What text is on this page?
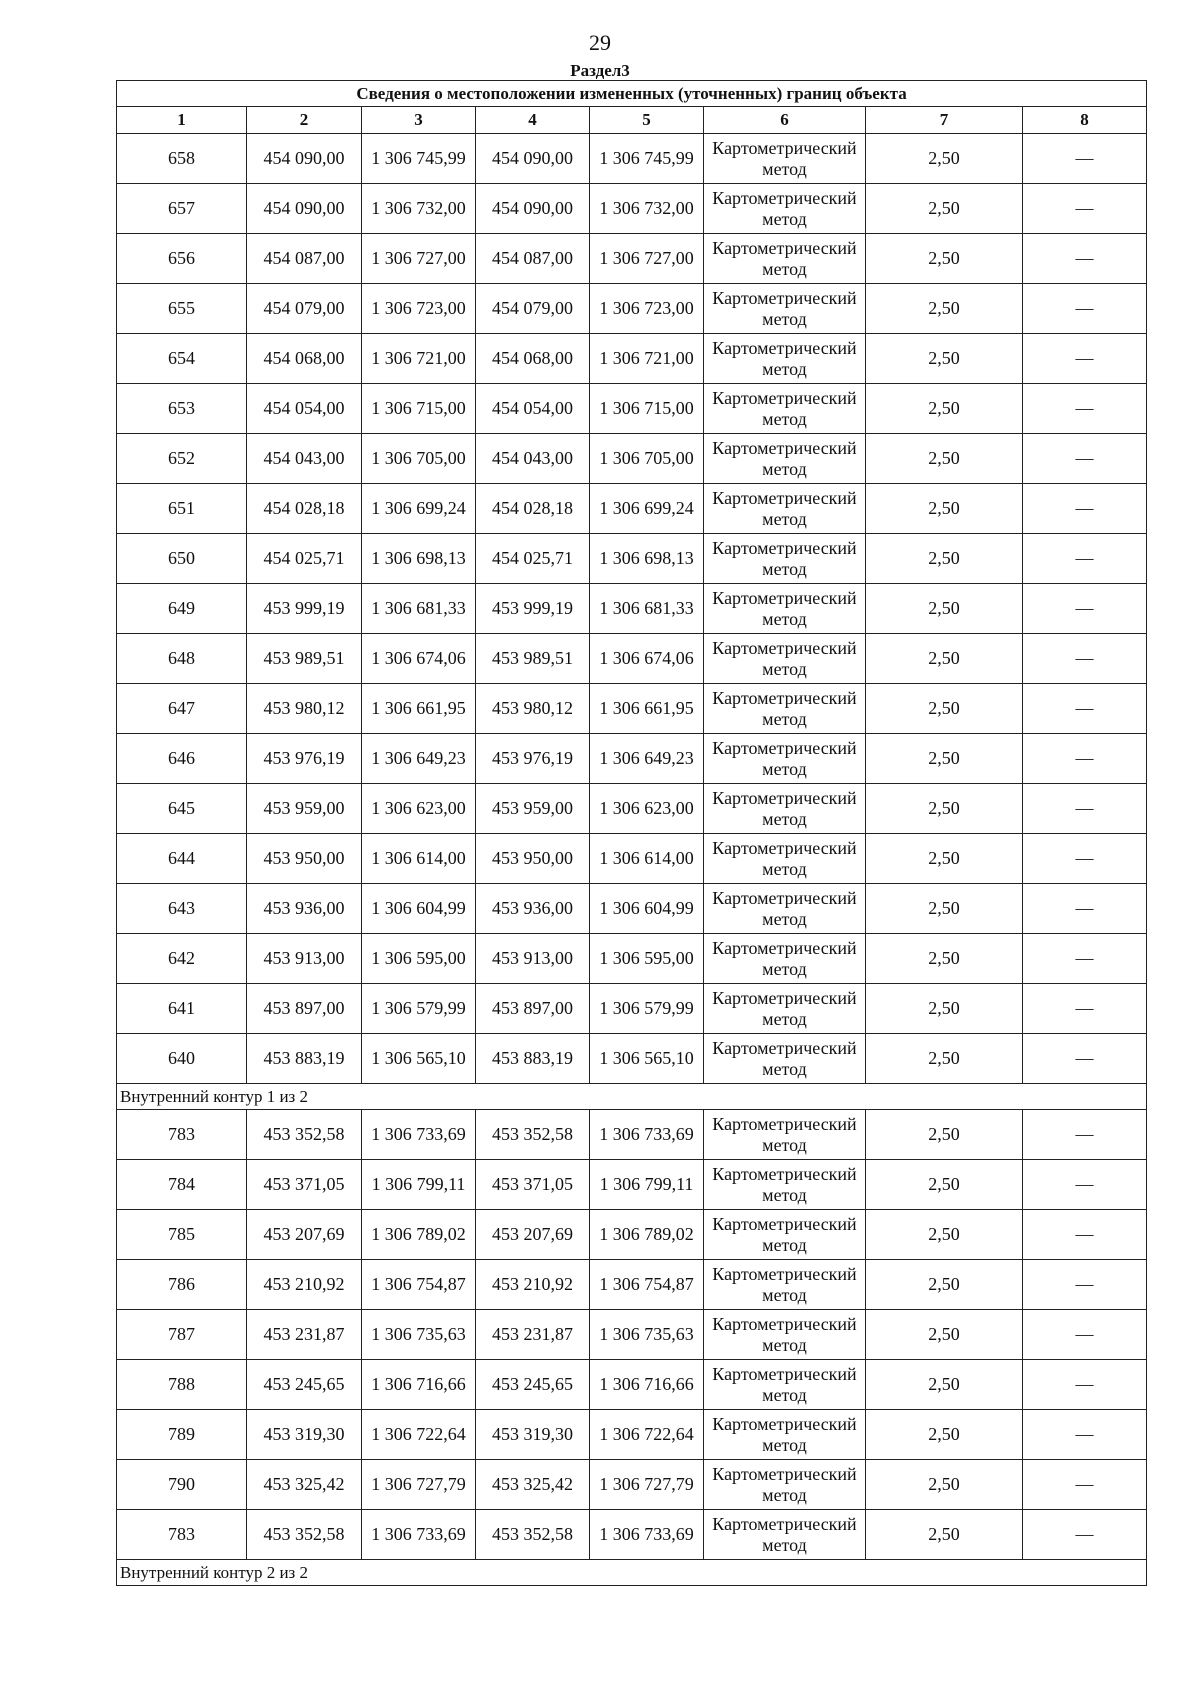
29
Раздел3
Сведения о местоположении измененных (уточненных) границ объекта							
1	2	3	4	5	6	7	8
658	454 090,00	1 306 745,99	454 090,00	1 306 745,99	Картометрический метод	2,50	—
657	454 090,00	1 306 732,00	454 090,00	1 306 732,00	Картометрический метод	2,50	—
656	454 087,00	1 306 727,00	454 087,00	1 306 727,00	Картометрический метод	2,50	—
655	454 079,00	1 306 723,00	454 079,00	1 306 723,00	Картометрический метод	2,50	—
654	454 068,00	1 306 721,00	454 068,00	1 306 721,00	Картометрический метод	2,50	—
653	454 054,00	1 306 715,00	454 054,00	1 306 715,00	Картометрический метод	2,50	—
652	454 043,00	1 306 705,00	454 043,00	1 306 705,00	Картометрический метод	2,50	—
651	454 028,18	1 306 699,24	454 028,18	1 306 699,24	Картометрический метод	2,50	—
650	454 025,71	1 306 698,13	454 025,71	1 306 698,13	Картометрический метод	2,50	—
649	453 999,19	1 306 681,33	453 999,19	1 306 681,33	Картометрический метод	2,50	—
648	453 989,51	1 306 674,06	453 989,51	1 306 674,06	Картометрический метод	2,50	—
647	453 980,12	1 306 661,95	453 980,12	1 306 661,95	Картометрический метод	2,50	—
646	453 976,19	1 306 649,23	453 976,19	1 306 649,23	Картометрический метод	2,50	—
645	453 959,00	1 306 623,00	453 959,00	1 306 623,00	Картометрический метод	2,50	—
644	453 950,00	1 306 614,00	453 950,00	1 306 614,00	Картометрический метод	2,50	—
643	453 936,00	1 306 604,99	453 936,00	1 306 604,99	Картометрический метод	2,50	—
642	453 913,00	1 306 595,00	453 913,00	1 306 595,00	Картометрический метод	2,50	—
641	453 897,00	1 306 579,99	453 897,00	1 306 579,99	Картометрический метод	2,50	—
640	453 883,19	1 306 565,10	453 883,19	1 306 565,10	Картометрический метод	2,50	—
Внутренний контур 1 из 2							
783	453 352,58	1 306 733,69	453 352,58	1 306 733,69	Картометрический метод	2,50	—
784	453 371,05	1 306 799,11	453 371,05	1 306 799,11	Картометрический метод	2,50	—
785	453 207,69	1 306 789,02	453 207,69	1 306 789,02	Картометрический метод	2,50	—
786	453 210,92	1 306 754,87	453 210,92	1 306 754,87	Картометрический метод	2,50	—
787	453 231,87	1 306 735,63	453 231,87	1 306 735,63	Картометрический метод	2,50	—
788	453 245,65	1 306 716,66	453 245,65	1 306 716,66	Картометрический метод	2,50	—
789	453 319,30	1 306 722,64	453 319,30	1 306 722,64	Картометрический метод	2,50	—
790	453 325,42	1 306 727,79	453 325,42	1 306 727,79	Картометрический метод	2,50	—
783	453 352,58	1 306 733,69	453 352,58	1 306 733,69	Картометрический метод	2,50	—
Внутренний контур 2 из 2							
